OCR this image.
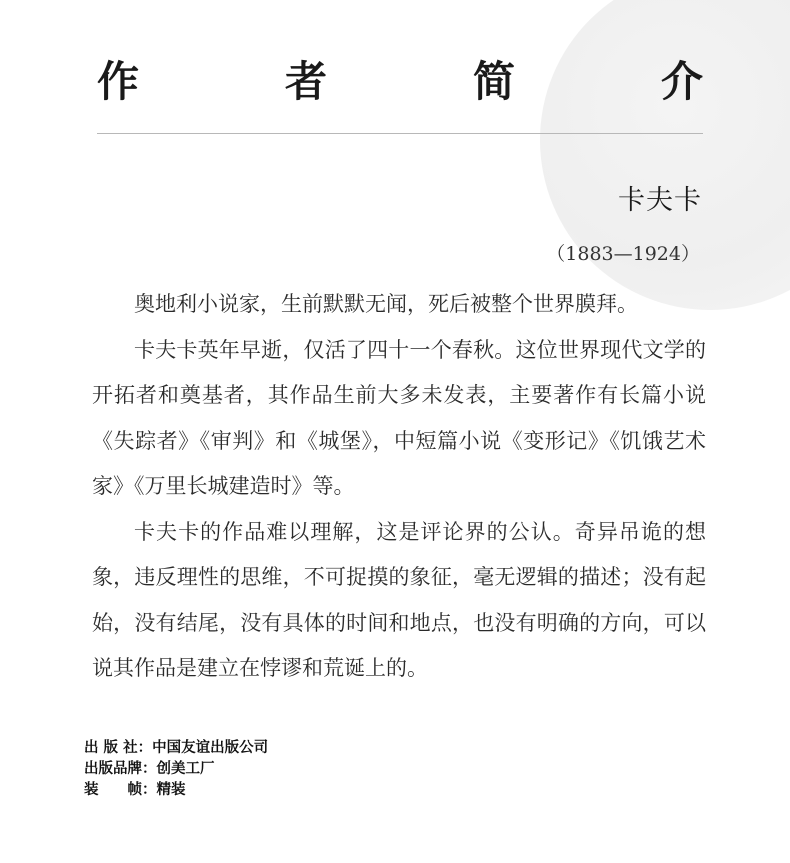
作	者	简	介
卡夫卡
（1883—1924）

奥地利小说家，生前默默无闻，死后被整个世界膜拜。

卡夫卡英年早逝，仅活了四十一个春秋。这位世界现代文学的开拓者和奠基者，其作品生前大多未发表，主要著作有长篇小说《失踪者》《审判》和《城堡》，中短篇小说《变形记》《饥饿艺术家》《万里长城建造时》等。

卡夫卡的作品难以理解，这是评论界的公认。奇异吊诡的想象，违反理性的思维，不可捉摸的象征，毫无逻辑的描述；没有起始，没有结尾，没有具体的时间和地点，也没有明确的方向，可以说其作品是建立在悖谬和荒诞上的。

出 版 社： 中国友谊出版公司
出版品牌： 创美工厂
装　　帧： 精装
